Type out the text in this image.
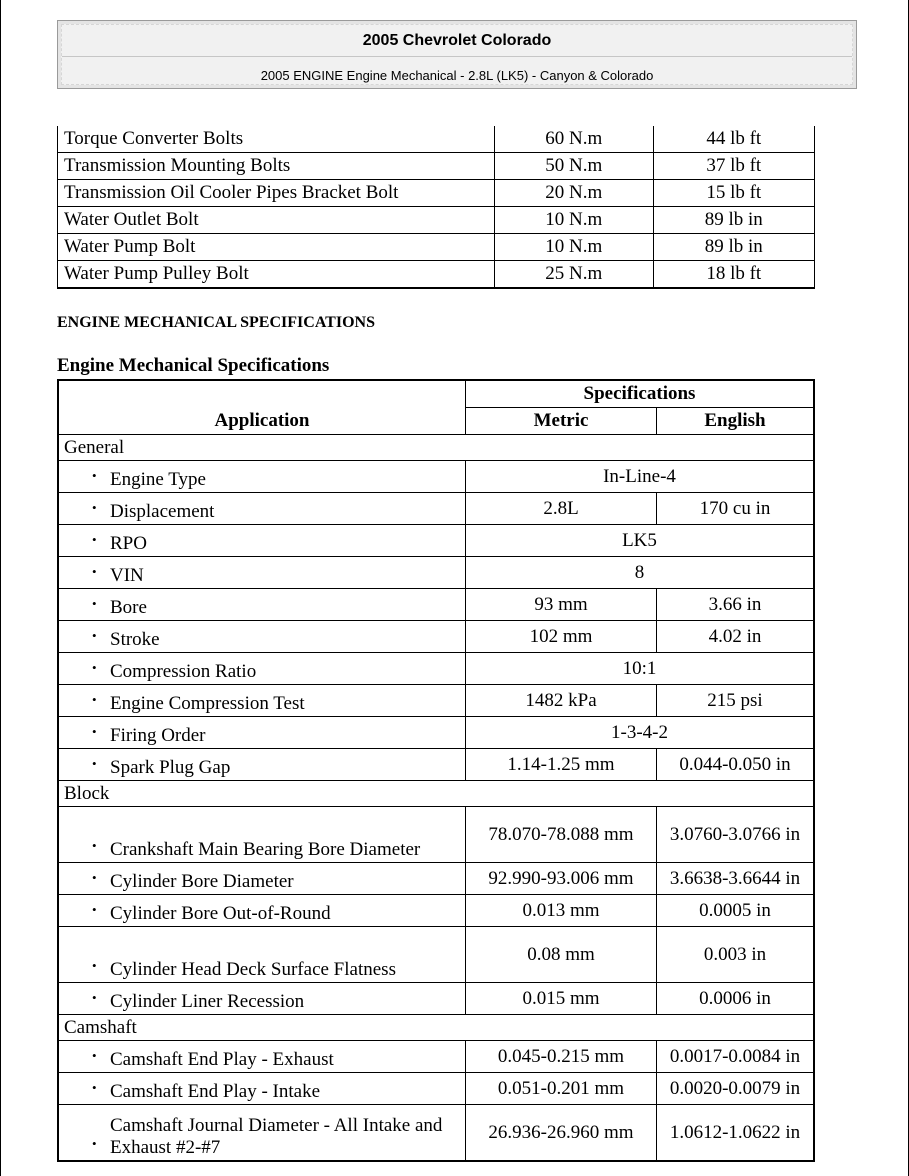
2005 Chevrolet Colorado
2005 ENGINE Engine Mechanical - 2.8L (LK5) - Canyon & Colorado
Torque Converter Bolts	60 N.m	44 lb ft
Transmission Mounting Bolts	50 N.m	37 lb ft
Transmission Oil Cooler Pipes Bracket Bolt	20 N.m	15 lb ft
Water Outlet Bolt	10 N.m	89 lb in
Water Pump Bolt	10 N.m	89 lb in
Water Pump Pulley Bolt	25 N.m	18 lb ft
ENGINE MECHANICAL SPECIFICATIONS
Engine Mechanical Specifications
Application	Specifications	
	Metric	English
General		

• Engine Type	In-Line-4	

• Displacement	2.8L	170 cu in

• RPO	LK5	

• VIN	8	

• Bore	93 mm	3.66 in

• Stroke	102 mm	4.02 in

• Compression Ratio	10:1	

• Engine Compression Test	1482 kPa	215 psi

• Firing Order	1-3-4-2	

• Spark Plug Gap	1.14-1.25 mm	0.044-0.050 in
Block		

• Crankshaft Main Bearing Bore Diameter	78.070-78.088 mm	3.0760-3.0766 in

• Cylinder Bore Diameter	92.990-93.006 mm	3.6638-3.6644 in

• Cylinder Bore Out-of-Round	0.013 mm	0.0005 in

• Cylinder Head Deck Surface Flatness	0.08 mm	0.003 in

• Cylinder Liner Recession	0.015 mm	0.0006 in
Camshaft		

• Camshaft End Play - Exhaust	0.045-0.215 mm	0.0017-0.0084 in

• Camshaft End Play - Intake	0.051-0.201 mm	0.0020-0.0079 in

•
Camshaft Journal Diameter - All Intake and Exhaust #2-#7	26.936-26.960 mm	1.0612-1.0622 in
